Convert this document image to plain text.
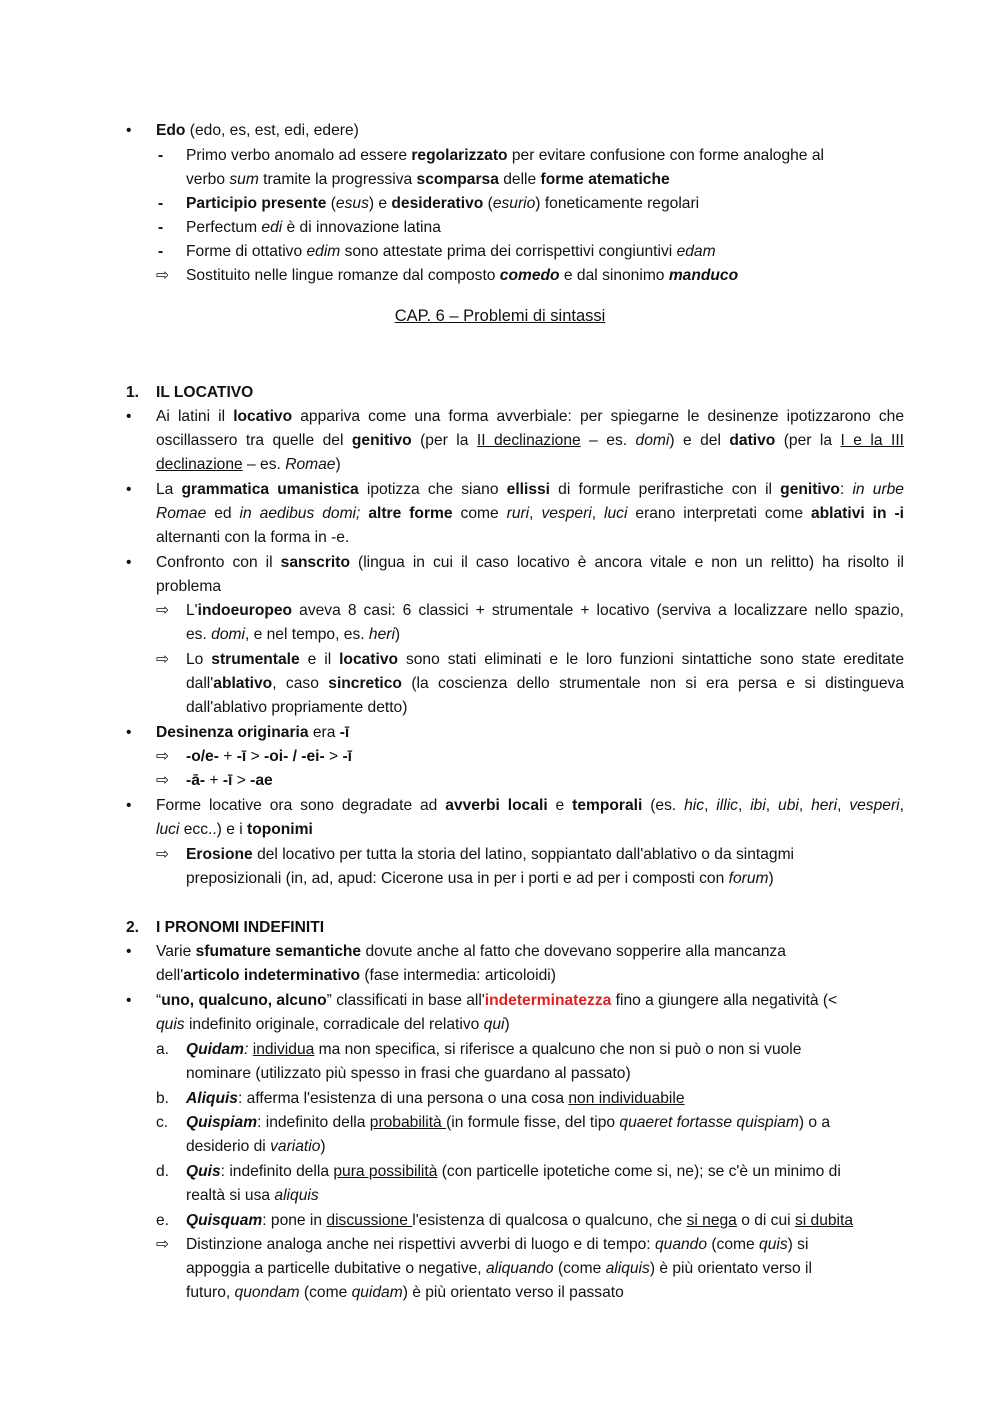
• Edo (edo, es, est, edi, edere)
- Primo verbo anomalo ad essere regolarizzato per evitare confusione con forme analoghe al
verbo sum tramite la progressiva scomparsa delle forme atematiche
- Participio presente (esus) e desiderativo (esurio) foneticamente regolari
- Perfectum edi è di innovazione latina
- Forme di ottativo edim sono attestate prima dei corrispettivi congiuntivi edam
⇨ Sostituito nelle lingue romanze dal composto comedo e dal sinonimo manduco
CAP. 6 – Problemi di sintassi
1. IL LOCATIVO
• Ai latini il locativo appariva come una forma avverbiale: per spiegarne le desinenze ipotizzarono che
oscillassero tra quelle del genitivo (per la II declinazione – es. domi) e del dativo (per la I e la III
declinazione – es. Romae)
• La grammatica umanistica ipotizza che siano ellissi di formule perifrastiche con il genitivo: in urbe
Romae ed in aedibus domi; altre forme come ruri, vesperi, luci erano interpretati come ablativi in -i
alternanti con la forma in -e.
• Confronto con il sanscrito (lingua in cui il caso locativo è ancora vitale e non un relitto) ha risolto il
problema
⇨ L'indoeuropeo aveva 8 casi: 6 classici + strumentale + locativo (serviva a localizzare nello spazio,
es. domi, e nel tempo, es. heri)
⇨ Lo strumentale e il locativo sono stati eliminati e le loro funzioni sintattiche sono state ereditate
dall'ablativo, caso sincretico (la coscienza dello strumentale non si era persa e si distingueva
dall'ablativo propriamente detto)
• Desinenza originaria era -ī
⇨ -o/e- + -ī > -oi- / -ei- > -ī
⇨ -ā- + -ī > -ae
• Forme locative ora sono degradate ad avverbi locali e temporali (es. hic, illic, ibi, ubi, heri, vesperi,
luci ecc..) e i toponimi
⇨ Erosione del locativo per tutta la storia del latino, soppiantato dall'ablativo o da sintagmi
preposizionali (in, ad, apud: Cicerone usa in per i porti e ad per i composti con forum)
2. I PRONOMI INDEFINITI
• Varie sfumature semantiche dovute anche al fatto che dovevano sopperire alla mancanza
dell'articolo indeterminativo (fase intermedia: articoloidi)
• “uno, qualcuno, alcuno” classificati in base all'indeterminatezza fino a giungere alla negatività (<
quis indefinito originale, corradicale del relativo qui)
a. Quidam: individua ma non specifica, si riferisce a qualcuno che non si può o non si vuole
nominare (utilizzato più spesso in frasi che guardano al passato)
b. Aliquis: afferma l'esistenza di una persona o una cosa non individuabile
c. Quispiam: indefinito della probabilità (in formule fisse, del tipo quaeret fortasse quispiam) o a
desiderio di variatio)
d. Quis: indefinito della pura possibilità (con particelle ipotetiche come si, ne); se c'è un minimo di
realtà si usa aliquis
e. Quisquam: pone in discussione l'esistenza di qualcosa o qualcuno, che si nega o di cui si dubita
⇨ Distinzione analoga anche nei rispettivi avverbi di luogo e di tempo: quando (come quis) si
appoggia a particelle dubitative o negative, aliquando (come aliquis) è più orientato verso il
futuro, quondam (come quidam) è più orientato verso il passato
